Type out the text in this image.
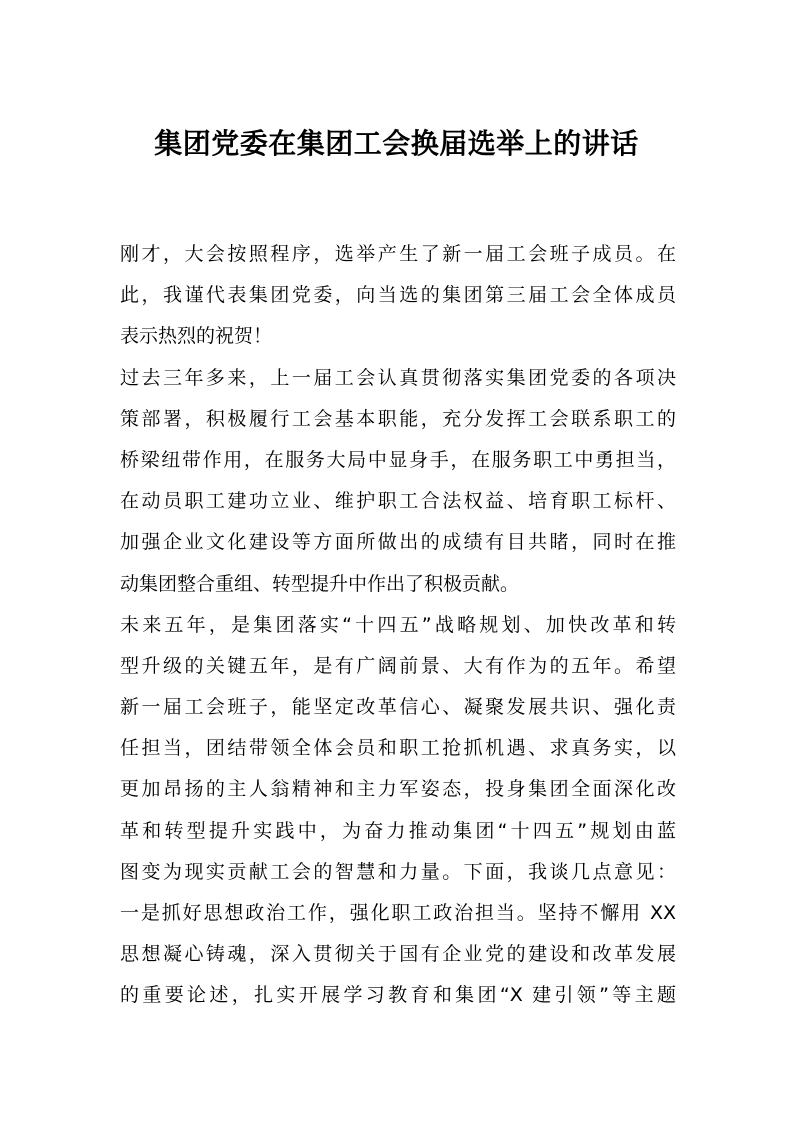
集团党委在集团工会换届选举上的讲话
刚才，大会按照程序，选举产生了新一届工会班子成员。在
此，我谨代表集团党委，向当选的集团第三届工会全体成员
表示热烈的祝贺！
过去三年多来，上一届工会认真贯彻落实集团党委的各项决
策部署，积极履行工会基本职能，充分发挥工会联系职工的
桥梁纽带作用，在服务大局中显身手，在服务职工中勇担当，
在动员职工建功立业、维护职工合法权益、培育职工标杆、
加强企业文化建设等方面所做出的成绩有目共睹，同时在推
动集团整合重组、转型提升中作出了积极贡献。
未来五年，是集团落实“十四五”战略规划、加快改革和转
型升级的关键五年，是有广阔前景、大有作为的五年。希望
新一届工会班子，能坚定改革信心、凝聚发展共识、强化责
任担当，团结带领全体会员和职工抢抓机遇、求真务实，以
更加昂扬的主人翁精神和主力军姿态，投身集团全面深化改
革和转型提升实践中，为奋力推动集团“十四五”规划由蓝
图变为现实贡献工会的智慧和力量。下面，我谈几点意见：
一是抓好思想政治工作，强化职工政治担当。坚持不懈用 XX
思想凝心铸魂，深入贯彻关于国有企业党的建设和改革发展
的重要论述，扎实开展学习教育和集团“X 建引领”等主题
